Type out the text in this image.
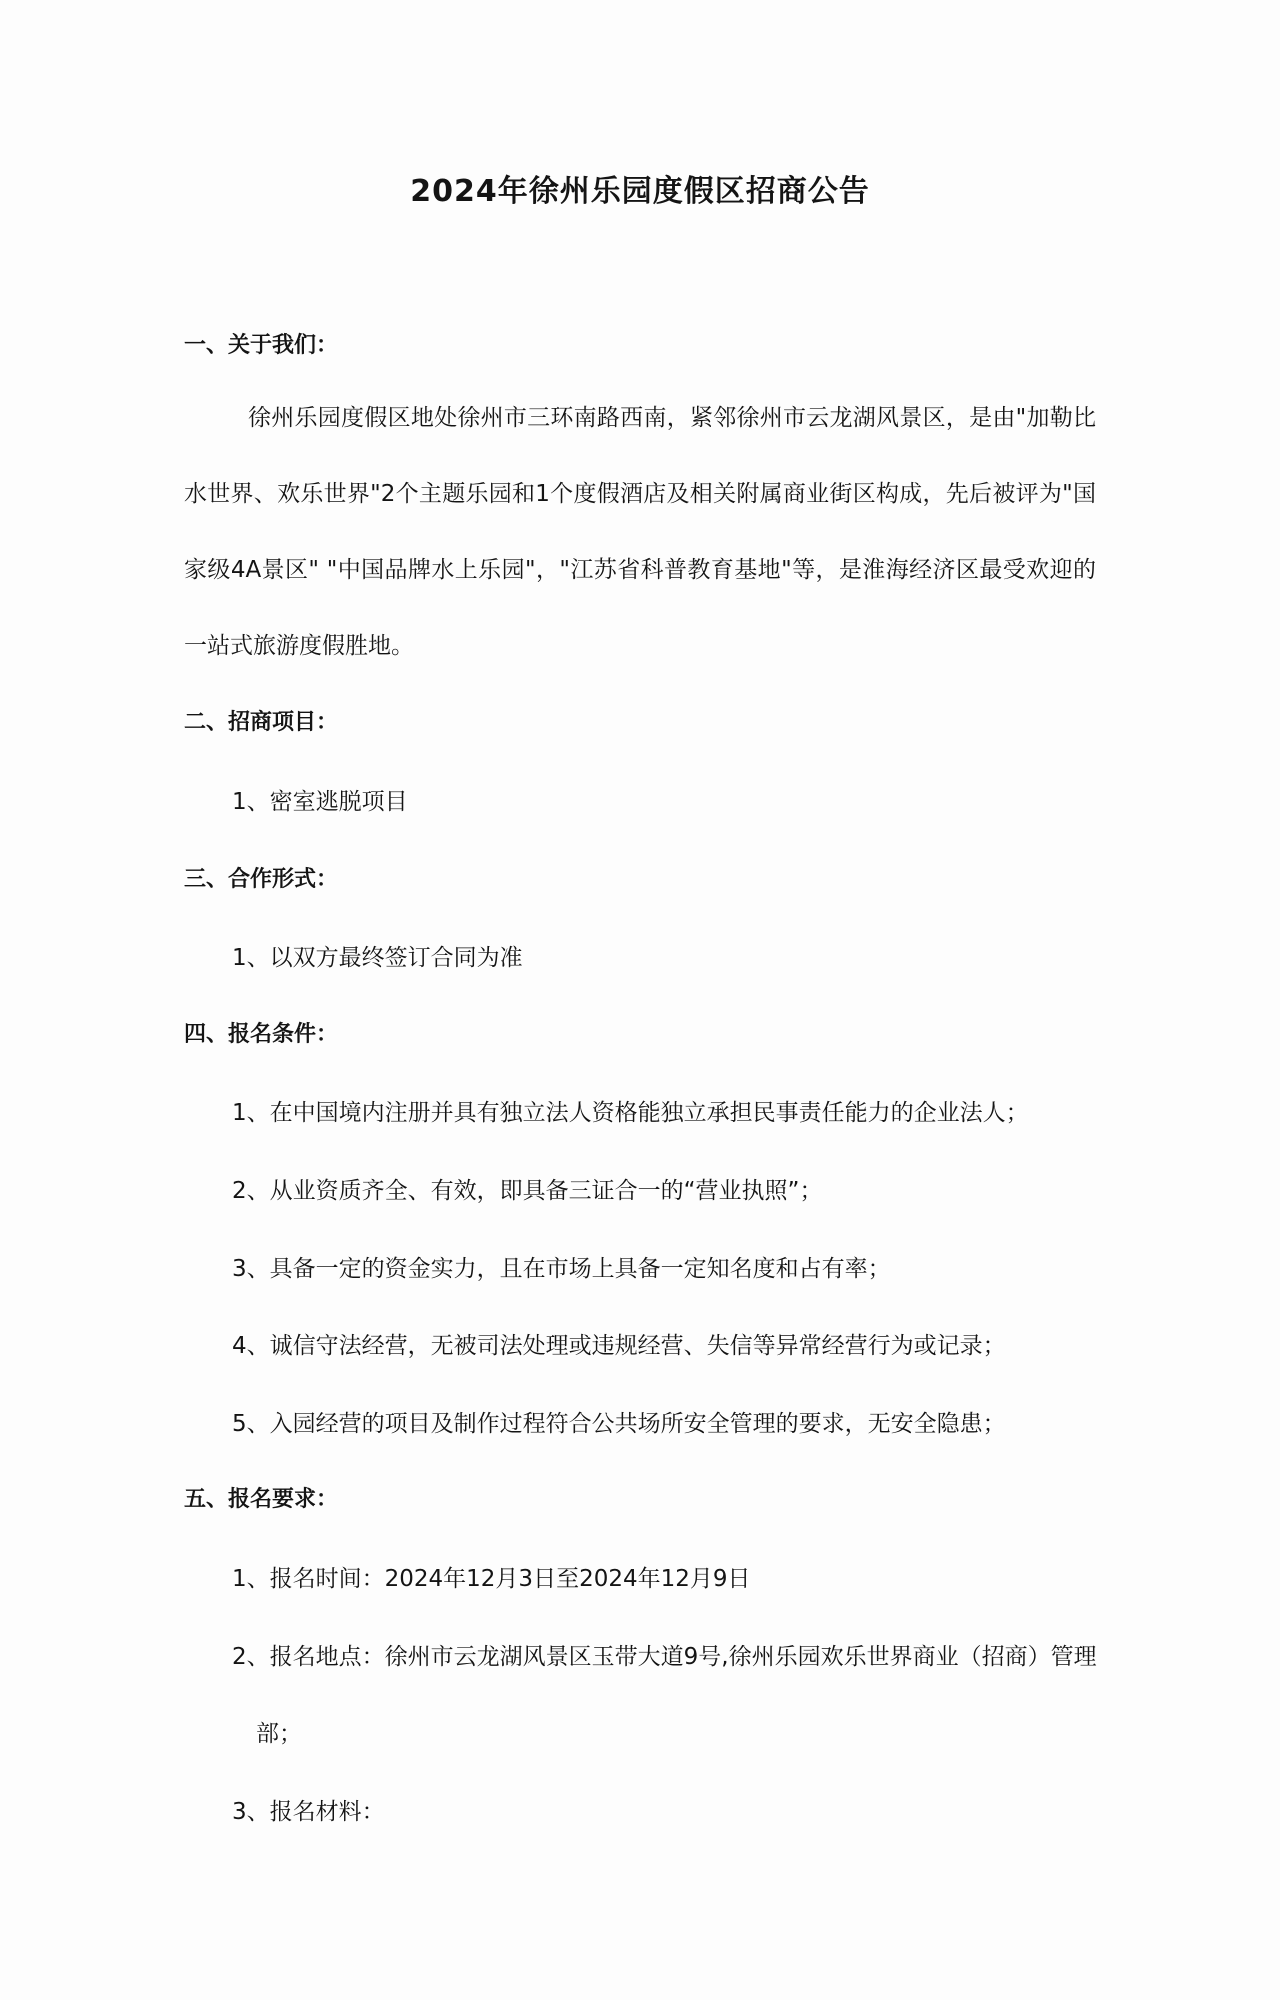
2024年徐州乐园度假区招商公告
一、关于我们：
徐州乐园度假区地处徐州市三环南路西南，紧邻徐州市云龙湖风景区，是由"加勒比水世界、欢乐世界"2个主题乐园和1个度假酒店及相关附属商业街区构成，先后被评为"国家级4A景区" "中国品牌水上乐园"，"江苏省科普教育基地"等，是淮海经济区最受欢迎的一站式旅游度假胜地。
二、招商项目：
1、密室逃脱项目
三、合作形式：
1、以双方最终签订合同为准
四、报名条件：
1、在中国境内注册并具有独立法人资格能独立承担民事责任能力的企业法人；
2、从业资质齐全、有效，即具备三证合一的“营业执照”；
3、具备一定的资金实力，且在市场上具备一定知名度和占有率；
4、诚信守法经营，无被司法处理或违规经营、失信等异常经营行为或记录；
5、入园经营的项目及制作过程符合公共场所安全管理的要求，无安全隐患；
五、报名要求：
1、报名时间：2024年12月3日至2024年12月9日
2、报名地点：徐州市云龙湖风景区玉带大道9号,徐州乐园欢乐世界商业（招商）管理
部；
3、报名材料：
